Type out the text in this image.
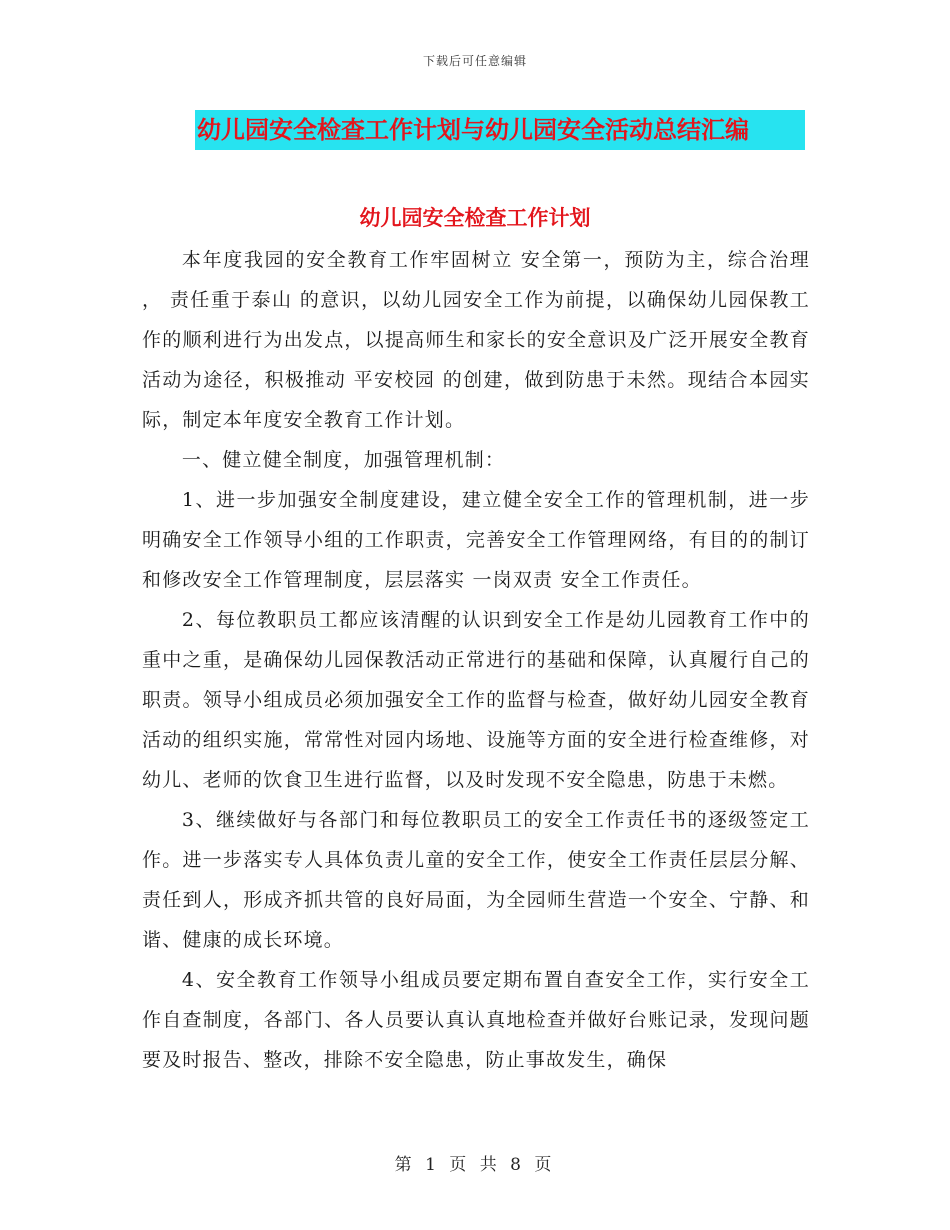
下载后可任意编辑
幼儿园安全检查工作计划与幼儿园安全活动总结汇编
幼儿园安全检查工作计划

本年度我园的安全教育工作牢固树立 安全第一，预防为主，综合治理 ， 责任重于泰山 的意识，以幼儿园安全工作为前提，以确保幼儿园保教工作的顺利进行为出发点，以提高师生和家长的安全意识及广泛开展安全教育活动为途径，积极推动 平安校园 的创建，做到防患于未然。现结合本园实际，制定本年度安全教育工作计划。

一、健立健全制度，加强管理机制：

1、进一步加强安全制度建设，建立健全安全工作的管理机制，进一步明确安全工作领导小组的工作职责，完善安全工作管理网络，有目的的制订和修改安全工作管理制度，层层落实 一岗双责 安全工作责任。

2、每位教职员工都应该清醒的认识到安全工作是幼儿园教育工作中的重中之重，是确保幼儿园保教活动正常进行的基础和保障，认真履行自己的职责。领导小组成员必须加强安全工作的监督与检查，做好幼儿园安全教育活动的组织实施，常常性对园内场地、设施等方面的安全进行检查维修，对幼儿、老师的饮食卫生进行监督，以及时发现不安全隐患，防患于未燃。

3、继续做好与各部门和每位教职员工的安全工作责任书的逐级签定工作。进一步落实专人具体负责儿童的安全工作，使安全工作责任层层分解、责任到人，形成齐抓共管的良好局面，为全园师生营造一个安全、宁静、和谐、健康的成长环境。

4、安全教育工作领导小组成员要定期布置自查安全工作，实行安全工作自查制度，各部门、各人员要认真认真地检查并做好台账记录，发现问题要及时报告、整改，排除不安全隐患，防止事故发生，确保

第 1 页 共 8 页
